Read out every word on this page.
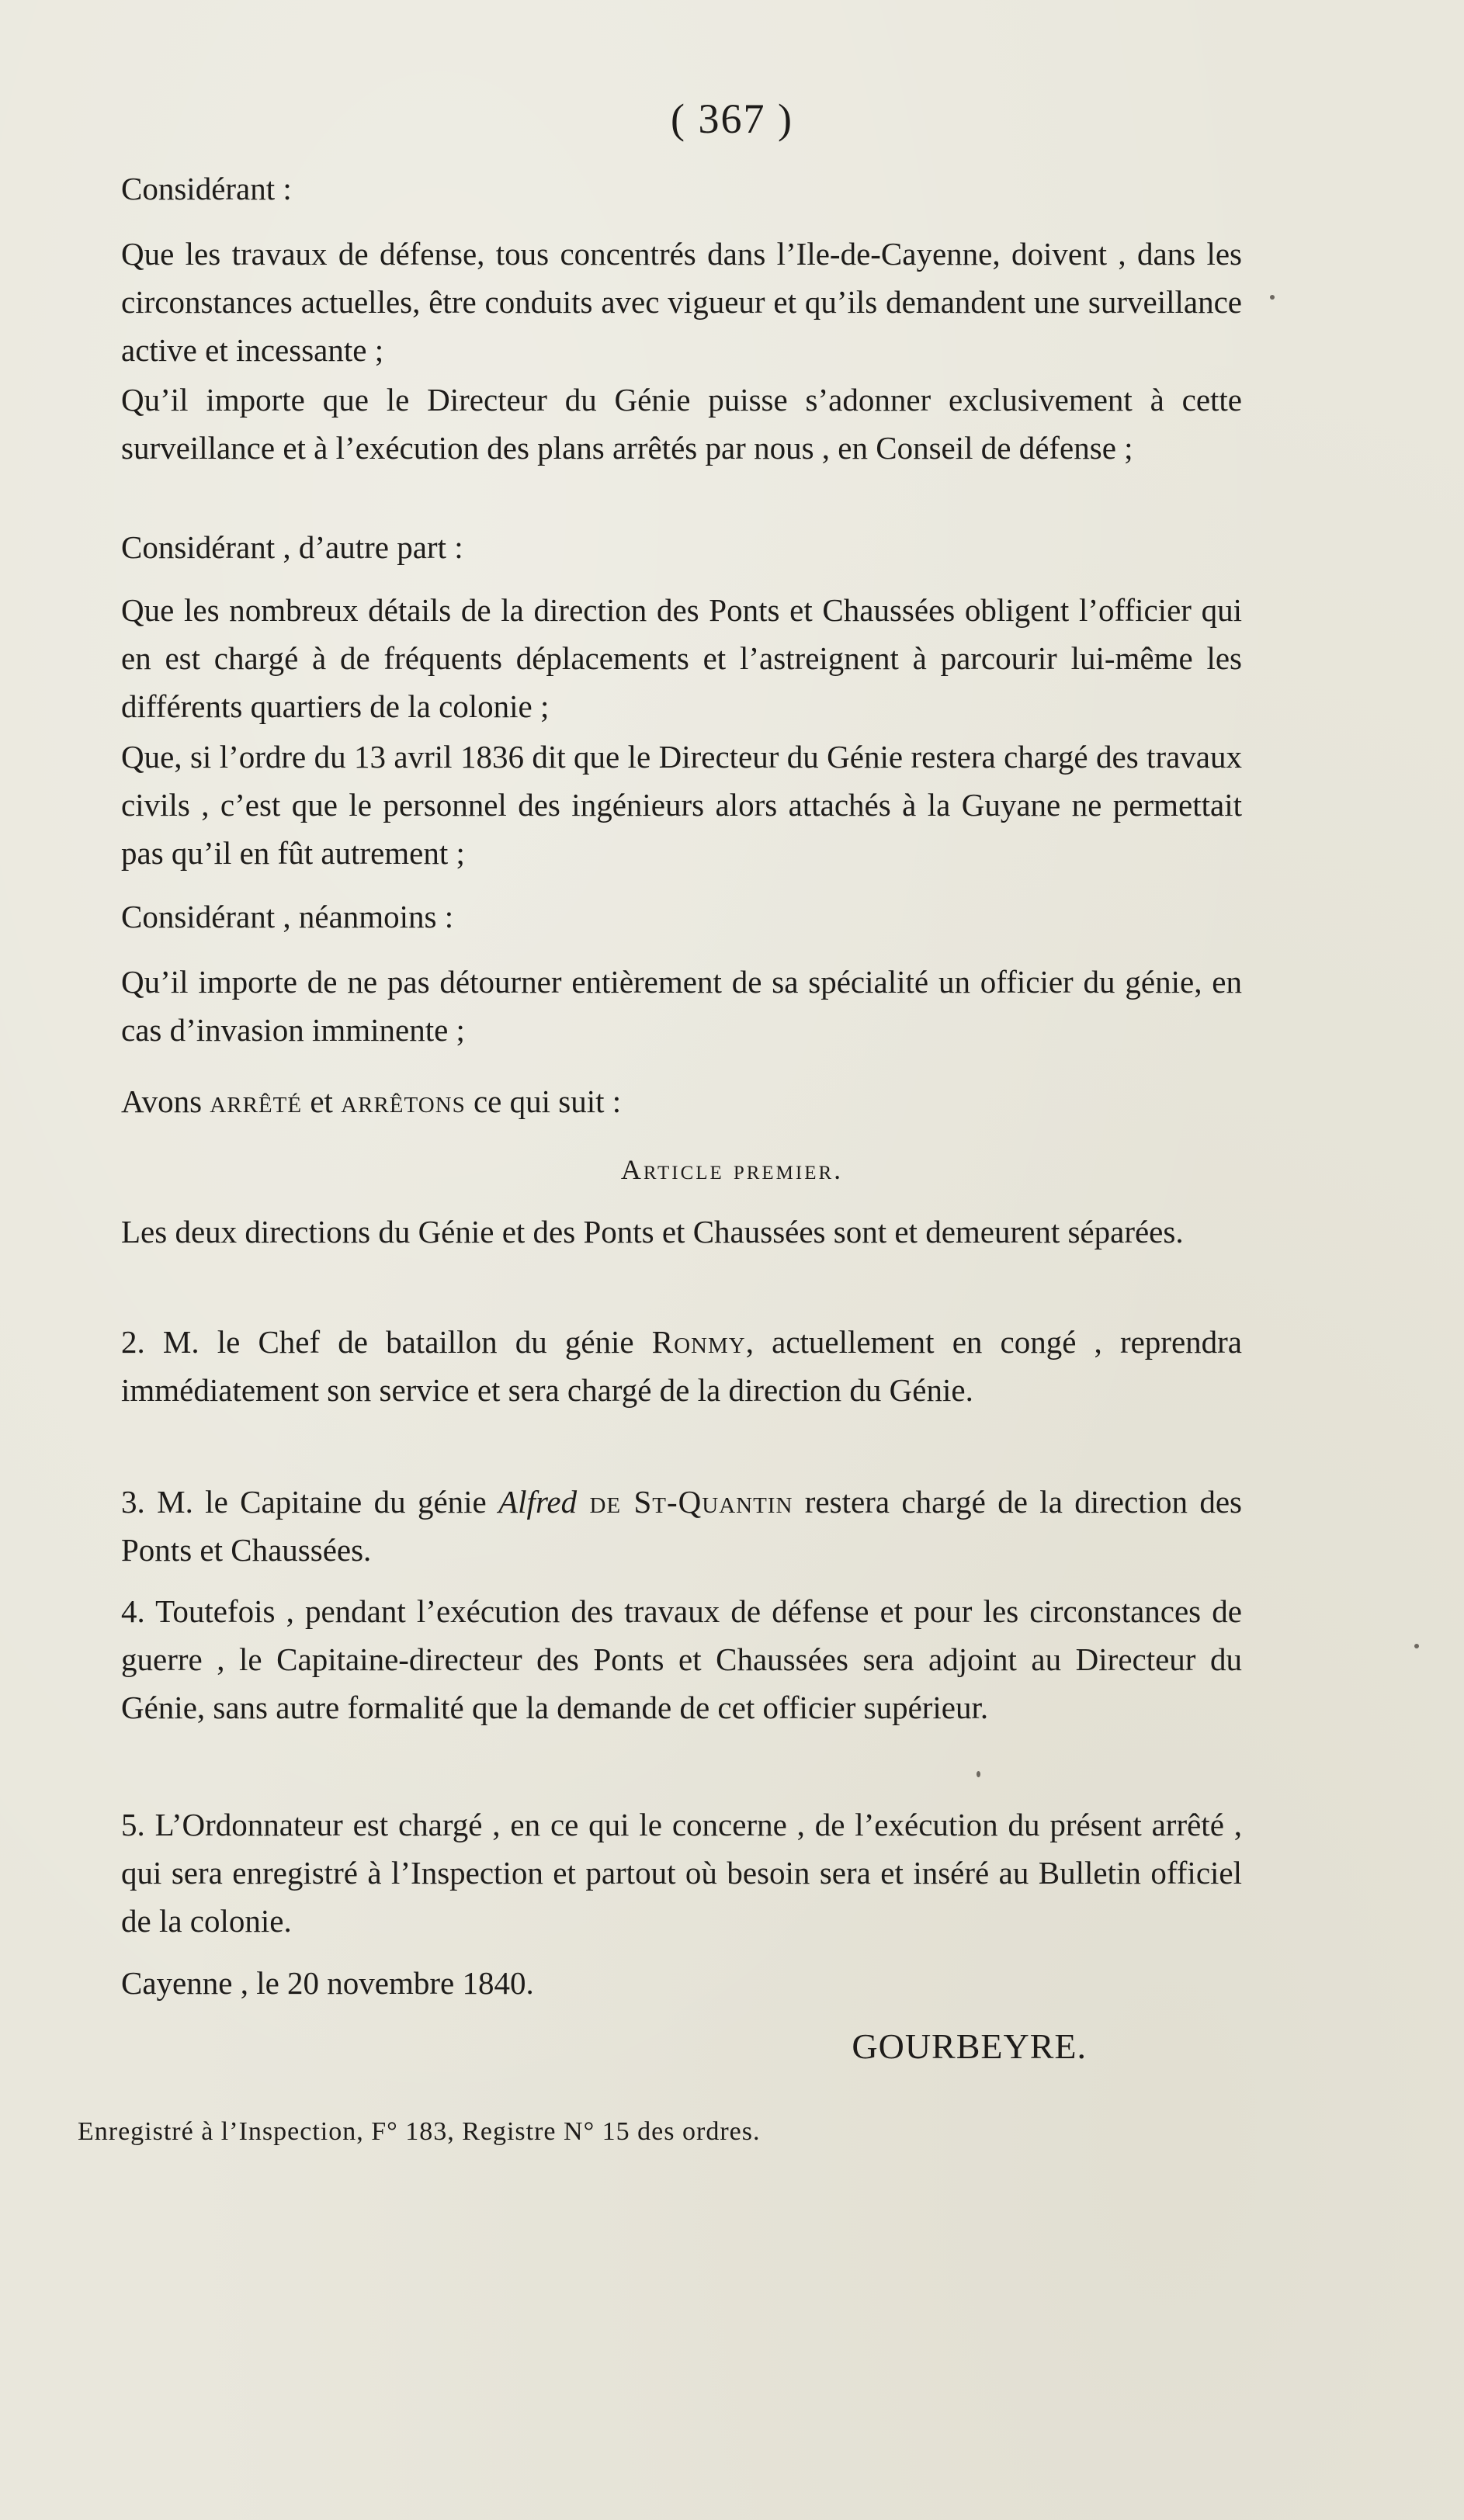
( 367 )
Considérant :
Que les travaux de défense, tous concentrés dans l’Ile-de-Cayenne, doivent , dans les circonstances actuelles, être conduits avec vigueur et qu’ils demandent une surveillance active et incessante ;
Qu’il importe que le Directeur du Génie puisse s’adonner exclusivement à cette surveillance et à l’exécution des plans arrêtés par nous , en Conseil de défense ;
Considérant , d’autre part :
Que les nombreux détails de la direction des Ponts et Chaussées obligent l’officier qui en est chargé à de fréquents déplacements et l’astreignent à parcourir lui-même les différents quartiers de la colonie ;
Que, si l’ordre du 13 avril 1836 dit que le Directeur du Génie restera chargé des travaux civils , c’est que le personnel des ingénieurs alors attachés à la Guyane ne permettait pas qu’il en fût autrement ;
Considérant , néanmoins :
Qu’il importe de ne pas détourner entièrement de sa spécialité un officier du génie, en cas d’invasion imminente ;
Avons arrêté et arrêtons ce qui suit :
Article premier.
Les deux directions du Génie et des Ponts et Chaussées sont et demeurent séparées.
2. M. le Chef de bataillon du génie Ronmy, actuellement en congé , reprendra immédiatement son service et sera chargé de la direction du Génie.
3. M. le Capitaine du génie Alfred de St-Quantin restera chargé de la direction des Ponts et Chaussées.
4. Toutefois , pendant l’exécution des travaux de défense et pour les circonstances de guerre , le Capitaine-directeur des Ponts et Chaussées sera adjoint au Directeur du Génie, sans autre formalité que la demande de cet officier supérieur.
5. L’Ordonnateur est chargé , en ce qui le concerne , de l’exécution du présent arrêté , qui sera enregistré à l’Inspection et partout où besoin sera et inséré au Bulletin officiel de la colonie.
Cayenne , le 20 novembre 1840.
GOURBEYRE.
Enregistré à l’Inspection, F° 183, Registre N° 15 des ordres.
